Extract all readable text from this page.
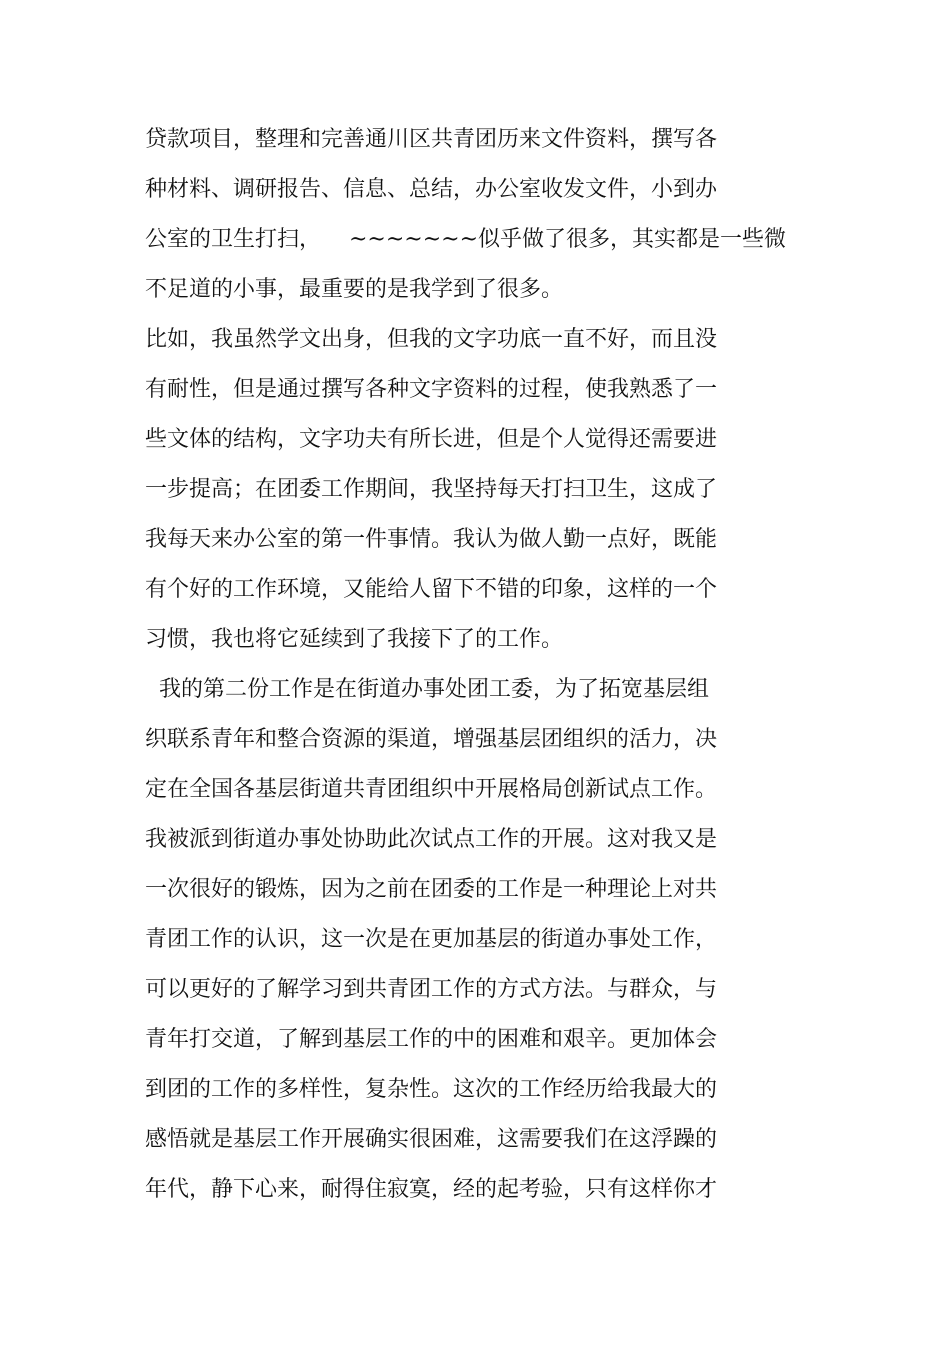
贷款项目，整理和完善通川区共青团历来文件资料，撰写各
种材料、调研报告、信息、总结，办公室收发文件，小到办
公室的卫生打扫，    ~~~~~~~似乎做了很多，其实都是一些微
不足道的小事，最重要的是我学到了很多。
比如，我虽然学文出身，但我的文字功底一直不好，而且没
有耐性，但是通过撰写各种文字资料的过程，使我熟悉了一
些文体的结构，文字功夫有所长进，但是个人觉得还需要进
一步提高；在团委工作期间，我坚持每天打扫卫生，这成了
我每天来办公室的第一件事情。我认为做人勤一点好，既能
有个好的工作环境，又能给人留下不错的印象，这样的一个
习惯，我也将它延续到了我接下了的工作。
我的第二份工作是在街道办事处团工委，为了拓宽基层组
织联系青年和整合资源的渠道，增强基层团组织的活力，决
定在全国各基层街道共青团组织中开展格局创新试点工作。
我被派到街道办事处协助此次试点工作的开展。这对我又是
一次很好的锻炼，因为之前在团委的工作是一种理论上对共
青团工作的认识，这一次是在更加基层的街道办事处工作，
可以更好的了解学习到共青团工作的方式方法。与群众，与
青年打交道，了解到基层工作的中的困难和艰辛。更加体会
到团的工作的多样性，复杂性。这次的工作经历给我最大的
感悟就是基层工作开展确实很困难，这需要我们在这浮躁的
年代，静下心来，耐得住寂寞，经的起考验，只有这样你才
